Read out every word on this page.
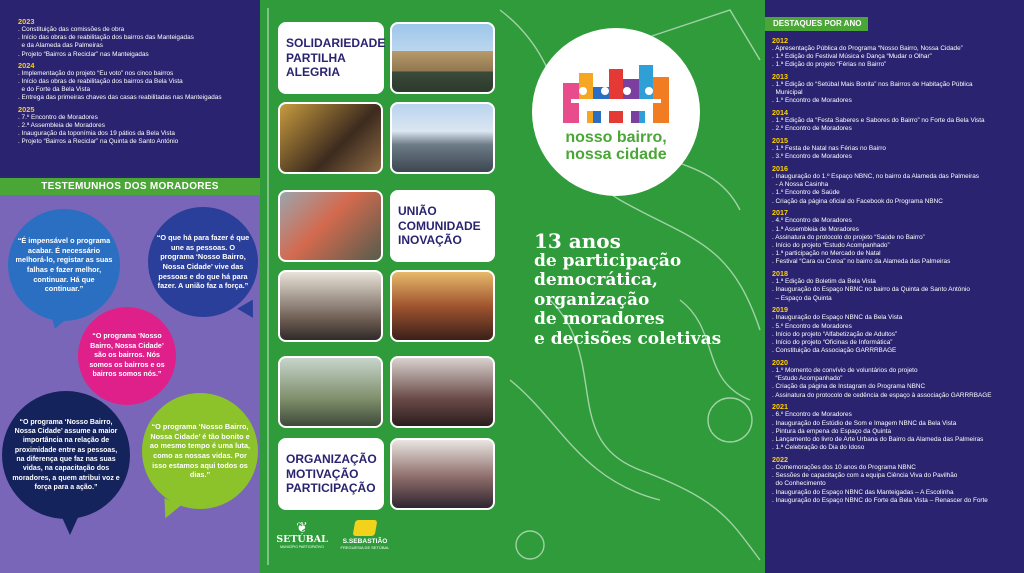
2023
. Constituição das comissões de obra
. Início das obras de reabilitação dos bairros das Manteigadas
e da Alameda das Palmeiras
. Projeto “Bairros a Reciclar” nas Manteigadas
2024
. Implementação do projeto “Eu voto” nos cinco bairros
. Início das obras de reabilitação dos bairros da Bela Vista
e do Forte da Bela Vista
. Entrega das primeiras chaves das casas reabilitadas nas Manteigadas
2025
. 7.º Encontro de Moradores
. 2.ª Assembleia de Moradores
. Inauguração da toponímia dos 19 pátios da Bela Vista
. Projeto “Bairros a Reciclar” na Quinta de Santo António
TESTEMUNHOS DOS MORADORES
“É impensável o programa acabar. É necessário melhorá-lo, registar as suas falhas e fazer melhor, continuar. Há que continuar.”
“O que há para fazer é que une as pessoas. O programa ‘Nosso Bairro, Nossa Cidade’ vive das pessoas e do que há para fazer. A união faz a força.”
“O programa ‘Nosso Bairro, Nossa Cidade’ são os bairros. Nós somos os bairros e os bairros somos nós.”
“O programa ‘Nosso Bairro, Nossa Cidade’ assume a maior importância na relação de proximidade entre as pessoas, na diferença que faz nas suas vidas, na capacitação dos moradores, a quem atribui voz e força para a ação.”
“O programa ‘Nosso Bairro, Nossa Cidade’ é tão bonito e ao mesmo tempo é uma luta, como as nossas vidas. Por isso estamos aqui todos os dias.”
SOLIDARIEDADE
PARTILHA
ALEGRIA
UNIÃO
COMUNIDADE
INOVAÇÃO
ORGANIZAÇÃO
MOTIVAÇÃO
PARTICIPAÇÃO
❦
SETÚBAL
MUNICÍPIO PARTICIPATIVO
S.SEBASTIÃO
FREGUESIA DE SETÚBAL
nosso bairro,
nossa cidade
13 anos
de participação
democrática,
organização
de moradores
e decisões coletivas
DESTAQUES POR ANO
2012
. Apresentação Pública do Programa “Nosso Bairro, Nossa Cidade”
. 1.ª Edição do Festival Música e Dança “Mudar o Olhar”
. 1.ª Edição do projeto “Férias no Bairro”
2013
. 1.ª Edição do “Setúbal Mais Bonita” nos Bairros de Habitação Pública
Municipal
. 1.º Encontro de Moradores
2014
. 1.ª Edição da “Festa Saberes e Sabores do Bairro” no Forte da Bela Vista
. 2.º Encontro de Moradores
2015
. 1.ª Festa de Natal nas Férias no Bairro
. 3.º Encontro de Moradores
2016
. Inauguração do 1.º Espaço NBNC, no bairro da Alameda das Palmeiras
- A Nossa Casinha
. 1.º Encontro de Saúde
. Criação da página oficial do Facebook do Programa NBNC
2017
. 4.º Encontro de Moradores
. 1.ª Assembleia de Moradores
. Assinatura do protocolo do projeto “Saúde no Bairro”
. Início do projeto “Estudo Acompanhado”
. 1.ª participação no Mercado de Natal
. Festival “Cara ou Coroa” no bairro da Alameda das Palmeiras
2018
. 1.ª Edição do Boletim da Bela Vista
. Inauguração do Espaço NBNC no bairro da Quinta de Santo António
– Espaço da Quinta
2019
. Inauguração do Espaço NBNC da Bela Vista
. 5.º Encontro de Moradores
. Início do projeto “Alfabetização de Adultos”
. Início do projeto “Oficinas de Informática”
. Constituição da Associação GARRRBAGE
2020
. 1.º Momento de convívio de voluntários do projeto
“Estudo Acompanhado”
. Criação da página de Instagram do Programa NBNC
. Assinatura do protocolo de cedência de espaço à associação GARRRBAGE
2021
. 6.º Encontro de Moradores
. Inauguração do Estúdio de Som e Imagem NBNC da Bela Vista
. Pintura da empena do Espaço da Quinta
. Lançamento do livro de Arte Urbana do Bairro da Alameda das Palmeiras
. 1.ª Celebração do Dia do Idoso
2022
. Comemorações dos 10 anos do Programa NBNC
. Sessões de capacitação com a equipa Ciência Viva do Pavilhão
do Conhecimento
. Inauguração do Espaço NBNC das Manteigadas – A Escolinha
. Inauguração do Espaço NBNC do Forte da Bela Vista – Renascer do Forte
